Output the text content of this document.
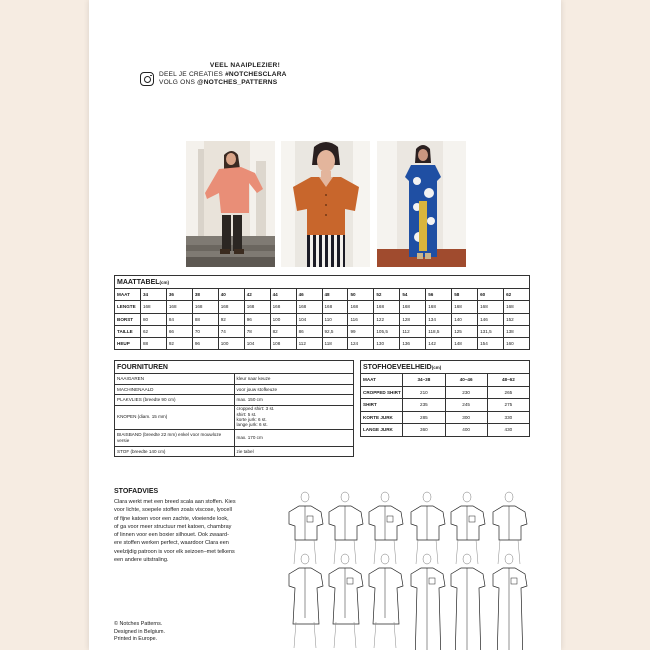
VEEL NAAIPLEZIER!
DEEL JE CREATIES #NOTCHESCLARA
VOLG ONS @NOTCHES_PATTERNS
MAATTABEL(cm)															
MAAT	34	36	38	40	42	44	46	48	50	52	54	56	58	60	62
LENGTE	168	168	168	168	168	168	168	168	168	168	168	168	168	168	168
BORST	80	84	88	92	96	100	104	110	116	122	128	134	140	146	152
TAILLE	62	66	70	74	78	82	86	92,5	99	105,5	112	118,5	125	131,5	138
HEUP	88	92	96	100	104	108	112	118	124	130	136	142	148	154	160
FOURNITUREN	
NAAIGAREN	kleur naar keuze
MACHINENAALD	voor jouw stofkeuze
PLAKVLIES (breedte 90 cm)	max. 150 cm
KNOPEN (diam. 15 mm)	cropped shirt: 3 st.
shirt: 5 st.
korte jurk: 6 st.
lange jurk: 6 st.

BIAISBAND (breedte 22 mm) enkel voor mouwloze versie	max. 170 cm
STOF (breedte 140 cm)	zie tabel
STOFHOEVEELHEID(cm)			
MAAT	34–38	40–46	48–62
CROPPED SHIRT	210	230	265
SHIRT	235	245	275
KORTE JURK	285	300	330
LANGE JURK	360	400	430
STOFADVIES
Clara werkt met een breed scala aan stoffen. Kies
voor lichte, soepele stoffen zoals viscose, lyocell
of fijne katoen voor een zachte, vloeiende look,
of ga voor meer structuur met katoen, chambray
of linnen voor een boxier silhouet. Ook zwaard-
ere stoffen werken perfect, waardoor Clara een
veelzijdig patroon is voor elk seizoen–met telkens
een andere uitstraling.
© Notches Patterns.
Designed in Belgium.
Printed in Europe.
